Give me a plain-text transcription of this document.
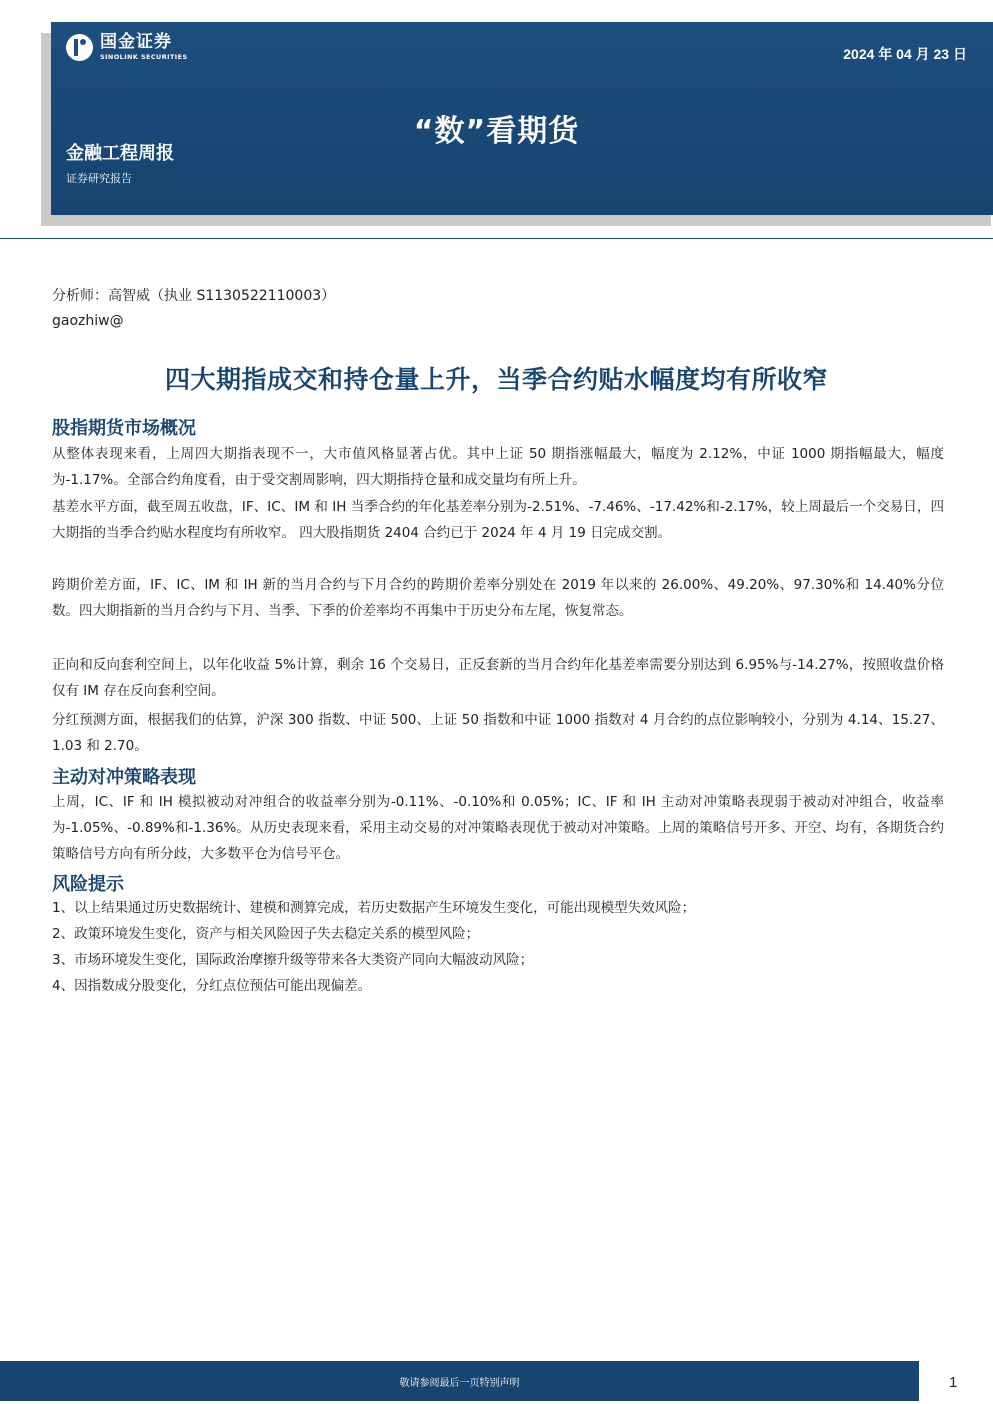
国金证券
SINOLINK SECURITIES	2024 年 04 月 23 日
“数”看期货
金融工程周报
证券研究报告
分析师：高智威（执业 S1130522110003）
gaozhiw@
四大期指成交和持仓量上升，当季合约贴水幅度均有所收窄
股指期货市场概况
从整体表现来看，上周四大期指表现不一，大市值风格显著占优。其中上证 50 期指涨幅最大，幅度为 2.12%，中证 1000 期指幅最大，幅度为-1.17%。全部合约角度看，由于受交割周影响，四大期指持仓量和成交量均有所上升。
基差水平方面，截至周五收盘，IF、IC、IM 和 IH 当季合约的年化基差率分别为-2.51%、-7.46%、-17.42%和-2.17%，较上周最后一个交易日，四大期指的当季合约贴水程度均有所收窄。 四大股指期货 2404 合约已于 2024 年 4 月 19 日完成交割。
跨期价差方面，IF、IC、IM 和 IH 新的当月合约与下月合约的跨期价差率分别处在 2019 年以来的 26.00%、49.20%、97.30%和 14.40%分位数。四大期指新的当月合约与下月、当季、下季的价差率均不再集中于历史分布左尾，恢复常态。
正向和反向套利空间上，以年化收益 5%计算，剩余 16 个交易日，正反套新的当月合约年化基差率需要分别达到 6.95%与-14.27%，按照收盘价格仅有 IM 存在反向套利空间。
分红预测方面，根据我们的估算，沪深 300 指数、中证 500、上证 50 指数和中证 1000 指数对 4 月合约的点位影响较小，分别为 4.14、15.27、1.03 和 2.70。
主动对冲策略表现
上周，IC、IF 和 IH 模拟被动对冲组合的收益率分别为-0.11%、-0.10%和 0.05%；IC、IF 和 IH 主动对冲策略表现弱于被动对冲组合，收益率为-1.05%、-0.89%和-1.36%。从历史表现来看，采用主动交易的对冲策略表现优于被动对冲策略。上周的策略信号开多、开空、均有，各期货合约策略信号方向有所分歧，大多数平仓为信号平仓。
风险提示
1、以上结果通过历史数据统计、建模和测算完成，若历史数据产生环境发生变化，可能出现模型失效风险；
2、政策环境发生变化，资产与相关风险因子失去稳定关系的模型风险；
3、市场环境发生变化，国际政治摩擦升级等带来各大类资产同向大幅波动风险；
4、因指数成分股变化，分红点位预估可能出现偏差。
敬请参阅最后一页特别声明	1
